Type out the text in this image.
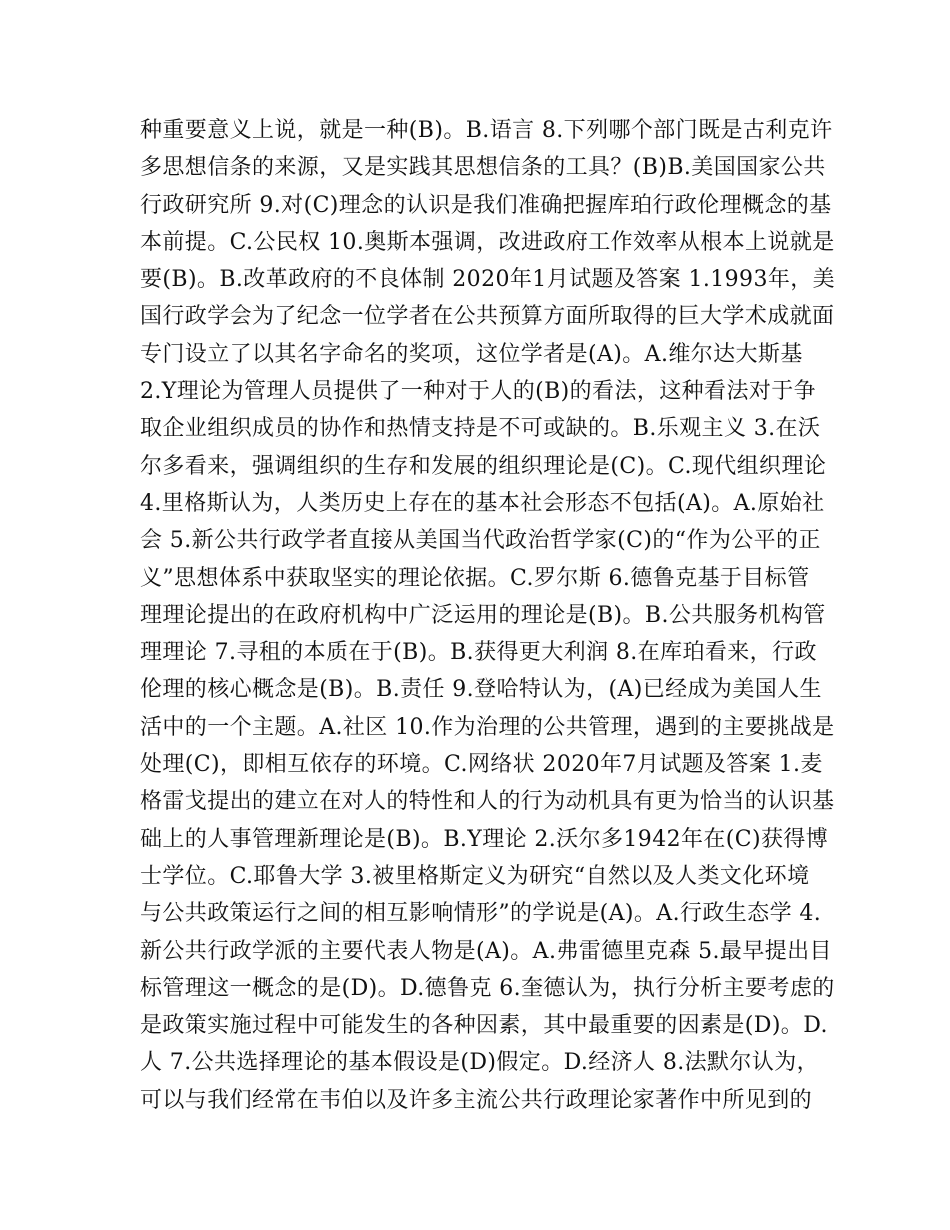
种重要意义上说，就是一种(B)。B.语言 8.下列哪个部门既是古利克许
多思想信条的来源，又是实践其思想信条的工具？(B)B.美国国家公共
行政研究所 9.对(C)理念的认识是我们准确把握库珀行政伦理概念的基
本前提。C.公民权 10.奥斯本强调，改进政府工作效率从根本上说就是
要(B)。B.改革政府的不良体制 2020年1月试题及答案 1.1993年，美
国行政学会为了纪念一位学者在公共预算方面所取得的巨大学术成就面
专门设立了以其名字命名的奖项，这位学者是(A)。A.维尔达大斯基
2.Y理论为管理人员提供了一种对于人的(B)的看法，这种看法对于争
取企业组织成员的协作和热情支持是不可或缺的。B.乐观主义 3.在沃
尔多看来，强调组织的生存和发展的组织理论是(C)。C.现代组织理论
4.里格斯认为，人类历史上存在的基本社会形态不包括(A)。A.原始社
会 5.新公共行政学者直接从美国当代政治哲学家(C)的“作为公平的正
义”思想体系中获取坚实的理论依据。C.罗尔斯 6.德鲁克基于目标管
理理论提出的在政府机构中广泛运用的理论是(B)。B.公共服务机构管
理理论 7.寻租的本质在于(B)。B.获得更大利润 8.在库珀看来，行政
伦理的核心概念是(B)。B.责任 9.登哈特认为，(A)已经成为美国人生
活中的一个主题。A.社区 10.作为治理的公共管理，遇到的主要挑战是
处理(C)，即相互依存的环境。C.网络状 2020年7月试题及答案 1.麦
格雷戈提出的建立在对人的特性和人的行为动机具有更为恰当的认识基
础上的人事管理新理论是(B)。B.Y理论 2.沃尔多1942年在(C)获得博
士学位。C.耶鲁大学 3.被里格斯定义为研究“自然以及人类文化环境
与公共政策运行之间的相互影响情形”的学说是(A)。A.行政生态学 4.
新公共行政学派的主要代表人物是(A)。A.弗雷德里克森 5.最早提出目
标管理这一概念的是(D)。D.德鲁克 6.奎德认为，执行分析主要考虑的
是政策实施过程中可能发生的各种因素，其中最重要的因素是(D)。D.
人 7.公共选择理论的基本假设是(D)假定。D.经济人 8.法默尔认为，
可以与我们经常在韦伯以及许多主流公共行政理论家著作中所见到的
